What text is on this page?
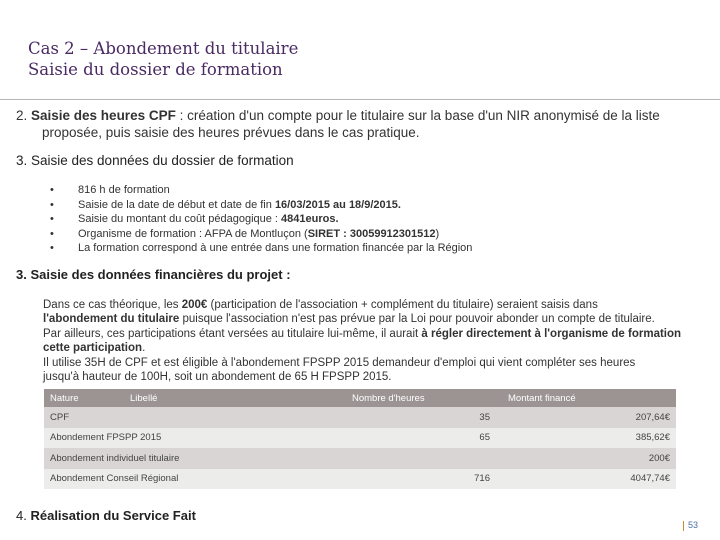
Cas 2 – Abondement du titulaire
Saisie du dossier de formation
2. Saisie des heures CPF : création d'un compte pour le titulaire sur la base d'un NIR anonymisé de la liste
proposée, puis saisie des heures prévues dans le cas pratique.
3. Saisie des données du dossier de formation
• 816 h de formation
• Saisie de la date de début et date de fin 16/03/2015 au 18/9/2015.
• Saisie du montant du coût pédagogique : 4841euros.
• Organisme de formation : AFPA de Montluçon (SIRET : 30059912301512)
• La formation correspond à une entrée dans une formation financée par la Région
3. Saisie des données financières du projet :
Dans ce cas théorique, les 200€ (participation de l'association + complément du titulaire) seraient saisis dans
l'abondement du titulaire puisque l'association n'est pas prévue par la Loi pour pouvoir abonder un compte de titulaire.
Par ailleurs, ces participations étant versées au titulaire lui-même, il aurait à régler directement à l'organisme de formation cette participation.
Il utilise 35H de CPF et est éligible à l'abondement FPSPP 2015 demandeur d'emploi qui vient compléter ses heures
jusqu'à hauteur de 100H, soit un abondement de 65 H FPSPP 2015.
Nature	Libellé	Nombre d'heures	Montant financé
CPF		35	207,64€
Abondement FPSPP 2015		65	385,62€
Abondement individuel titulaire			200€
Abondement Conseil Régional		716	4047,74€
4. Réalisation du Service Fait
53
